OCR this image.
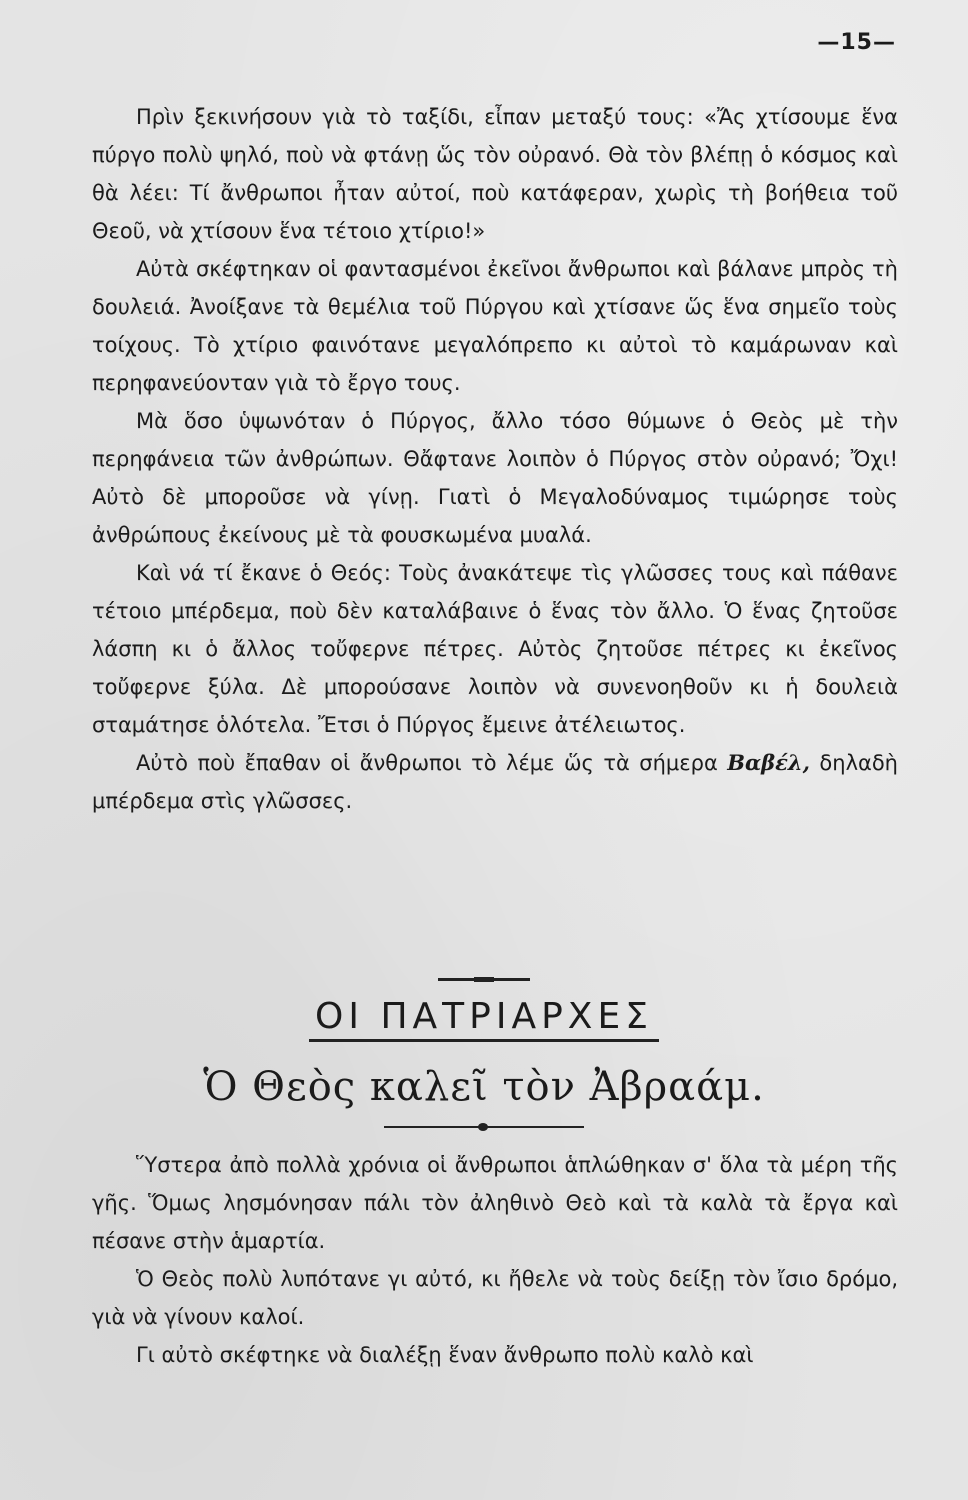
—15—

Πρὶν ξεκινήσουν γιὰ τὸ ταξίδι, εἶπαν μεταξύ τους: «Ἄς χτίσουμε ἕνα πύργο πολὺ ψηλό, ποὺ νὰ φτάνῃ ὥς τὸν οὐρανό. Θὰ τὸν βλέπῃ ὁ κόσμος καὶ θὰ λέει: Τί ἄνθρωποι ἦταν αὐτοί, ποὺ κατάφεραν, χωρὶς τὴ βοήθεια τοῦ Θεοῦ, νὰ χτίσουν ἕνα τέτοιο χτίριο!»

Αὐτὰ σκέφτηκαν οἱ φαντασμένοι ἐκεῖνοι ἄνθρωποι καὶ βάλανε μπρὸς τὴ δουλειά. Ἀνοίξανε τὰ θεμέλια τοῦ Πύργου καὶ χτίσανε ὥς ἕνα σημεῖο τοὺς τοίχους. Τὸ χτίριο φαινότανε μεγαλόπρεπο κι αὐτοὶ τὸ καμάρωναν καὶ περηφανεύονταν γιὰ τὸ ἔργο τους.

Μὰ ὅσο ὑψωνόταν ὁ Πύργος, ἄλλο τόσο θύμωνε ὁ Θεὸς μὲ τὴν περηφάνεια τῶν ἀνθρώπων. Θἄφτανε λοιπὸν ὁ Πύργος στὸν οὐρανό; Ὄχι! Αὐτὸ δὲ μποροῦσε νὰ γίνῃ. Γιατὶ ὁ Μεγαλοδύναμος τιμώρησε τοὺς ἀνθρώπους ἐκείνους μὲ τὰ φουσκωμένα μυαλά.

Καὶ νά τί ἔκανε ὁ Θεός: Τοὺς ἀνακάτεψε τὶς γλῶσσες τους καὶ πάθανε τέτοιο μπέρδεμα, ποὺ δὲν καταλάβαινε ὁ ἕνας τὸν ἄλλο. Ὁ ἕνας ζητοῦσε λάσπη κι ὁ ἄλλος τοὔφερνε πέτρες. Αὐτὸς ζητοῦσε πέτρες κι ἐκεῖνος τοὔφερνε ξύλα. Δὲ μπορούσανε λοιπὸν νὰ συνενοηθοῦν κι ἡ δουλειὰ σταμάτησε ὁλότελα. Ἔτσι ὁ Πύργος ἔμεινε ἀτέλειωτος.

Αὐτὸ ποὺ ἔπαθαν οἱ ἄνθρωποι τὸ λέμε ὥς τὰ σήμερα Βαβέλ, δηλαδὴ μπέρδεμα στὶς γλῶσσες.

ΟΙ ΠΑΤΡΙΑΡΧΕΣ
Ὁ Θεὸς καλεῖ τὸν Ἀβραάμ.

Ὕστερα ἀπὸ πολλὰ χρόνια οἱ ἄνθρωποι ἁπλώθηκαν σ' ὅλα τὰ μέρη τῆς γῆς. Ὅμως λησμόνησαν πάλι τὸν ἀληθινὸ Θεὸ καὶ τὰ καλὰ τὰ ἔργα καὶ πέσανε στὴν ἁμαρτία.

Ὁ Θεὸς πολὺ λυπότανε γι αὐτό, κι ἤθελε νὰ τοὺς δείξῃ τὸν ἴσιο δρόμο, γιὰ νὰ γίνουν καλοί.

Γι αὐτὸ σκέφτηκε νὰ διαλέξῃ ἕναν ἄνθρωπο πολὺ καλὸ καὶ
